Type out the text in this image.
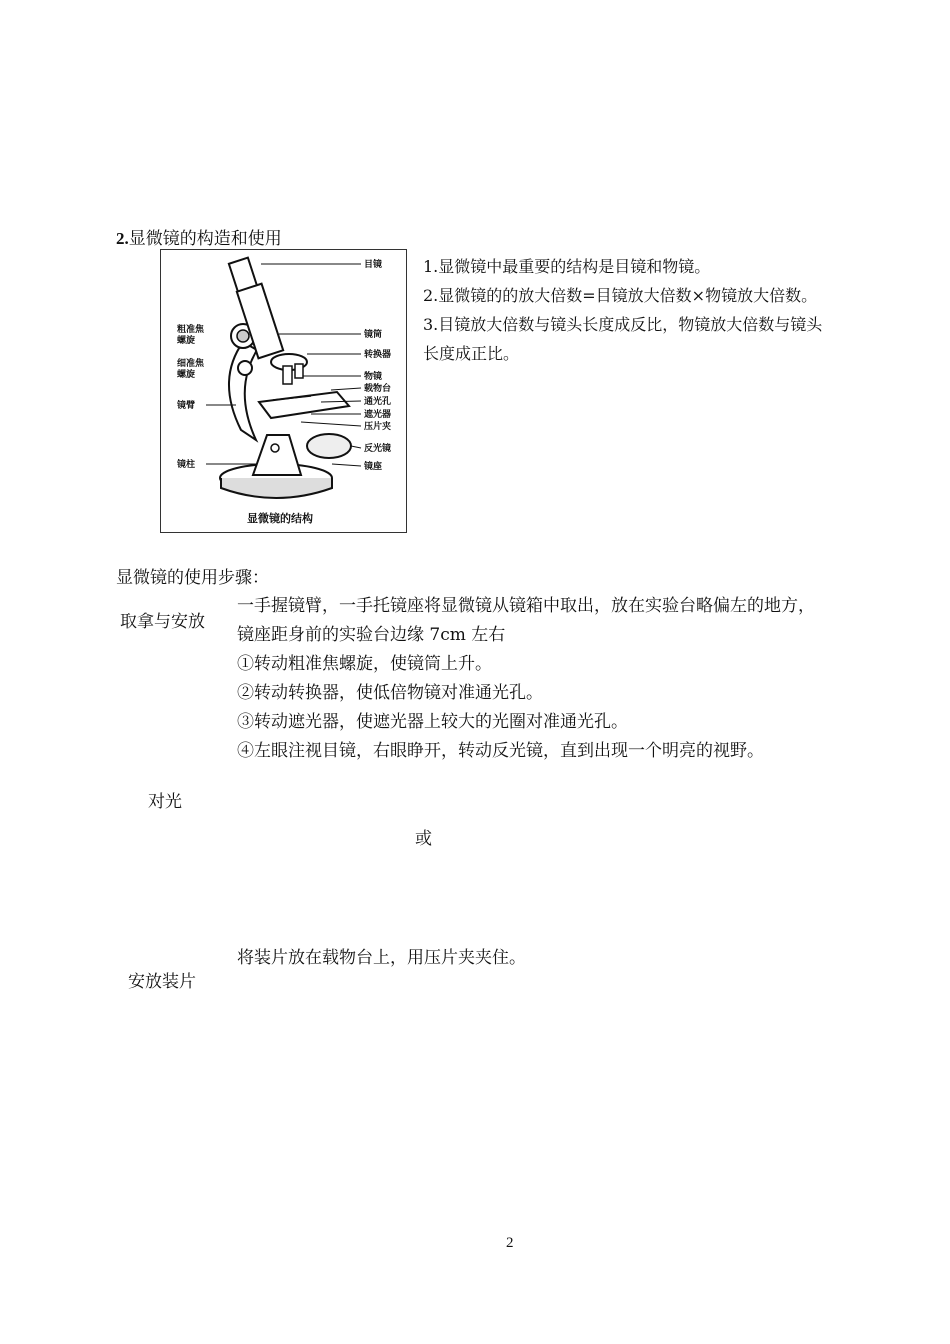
2.显微镜的构造和使用
目镜
镜筒
转换器
物镜
载物台
通光孔
遮光器
压片夹
反光镜
镜座
粗准焦
螺旋
细准焦
螺旋
镜臂
镜柱
显微镜的结构
1.显微镜中最重要的结构是目镜和物镜。
2.显微镜的的放大倍数=目镜放大倍数×物镜放大倍数。
3.目镜放大倍数与镜头长度成反比，物镜放大倍数与镜头
长度成正比。
显微镜的使用步骤：
取拿与安放
一手握镜臂，一手托镜座将显微镜从镜箱中取出，放在实验台略偏左的地方，
镜座距身前的实验台边缘 7cm 左右
①转动粗准焦螺旋，使镜筒上升。
②转动转换器，使低倍物镜对准通光孔。
③转动遮光器，使遮光器上较大的光圈对准通光孔。
④左眼注视目镜，右眼睁开，转动反光镜，直到出现一个明亮的视野。
对光
或
将装片放在载物台上，用压片夹夹住。
安放装片
2
